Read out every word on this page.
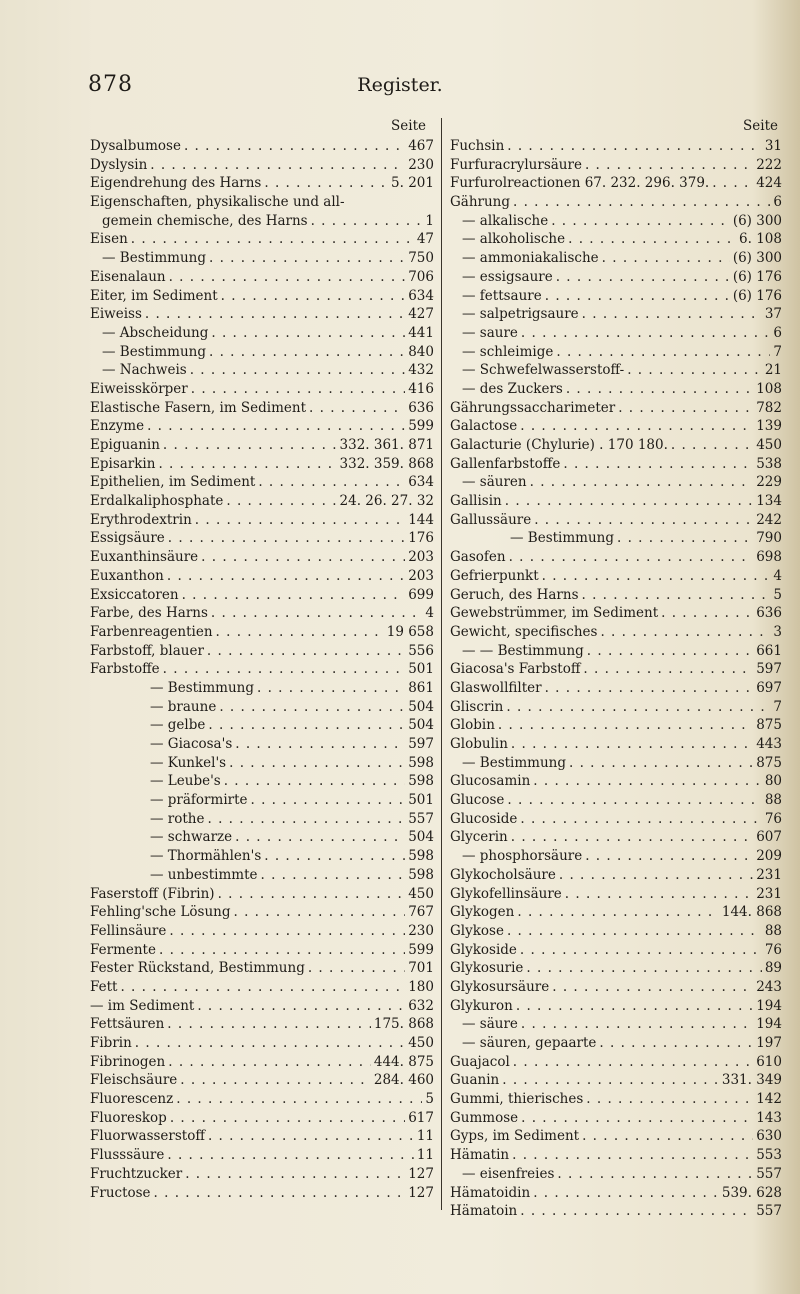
878	Register.
Seite
Dysalbumose . . .	467
Dyslysin . . .	230
Eigendrehung des Harns . . .	5. 201
Eigenschaften, physikalische und all-
gemein chemische, des Harns . . .	1
Eisen . . .	47
— Bestimmung . . .	750
Eisenalaun . . .	706
Eiter, im Sediment . . .	634
Eiweiss . . .	427
— Abscheidung . . .	441
— Bestimmung . . .	840
— Nachweis . . .	432
Eiweisskörper . . .	416
Elastische Fasern, im Sediment . . .	636
Enzyme . . .	599
Epiguanin . . .	332. 361. 871
Episarkin . . .	332. 359. 868
Epithelien, im Sediment . . .	634
Erdalkaliphosphate . . .	24. 26. 27. 32
Erythrodextrin . . .	144
Essigsäure . . .	176
Euxanthinsäure . . .	203
Euxanthon . . .	203
Exsiccatoren . . .	699
Farbe, des Harns . . .	4
Farbenreagentien . . .	19 658
Farbstoff, blauer . . .	556
Farbstoffe . . .	501
— Bestimmung . . .	861
— braune . . .	504
— gelbe . . .	504
— Giacosa's . . .	597
— Kunkel's . . .	598
— Leube's . . .	598
— präformirte . . .	501
— rothe . . .	557
— schwarze . . .	504
— Thormählen's . . .	598
— unbestimmte . . .	598
Faserstoff (Fibrin) . . .	450
Fehling'sche Lösung . . .	767
Fellinsäure . . .	230
Fermente . . .	599
Fester Rückstand, Bestimmung . . .	701
Fett . . .	180
— im Sediment . . .	632
Fettsäuren . . .	175. 868
Fibrin . . .	450
Fibrinogen . . .	444. 875
Fleischsäure . . .	284. 460
Fluorescenz . . .	5
Fluoreskop . . .	617
Fluorwasserstoff . . .	11
Flusssäure . . .	11
Fruchtzucker . . .	127
Fructose . . .	127
Seite
Fuchsin . . .	31
Furfuracrylursäure . . .	222
Furfurolreactionen 67. 232. 296. 379. . . .	424
Gährung . . .	6
— alkalische . . .	(6) 300
— alkoholische . . .	6. 108
— ammoniakalische . . .	(6) 300
— essigsaure . . .	(6) 176
— fettsaure . . .	(6) 176
— salpetrigsaure . . .	37
— saure . . .	6
— schleimige . . .	7
— Schwefelwasserstoff- . . .	21
— des Zuckers . . .	108
Gährungssaccharimeter . . .	782
Galactose . . .	139
Galacturie (Chylurie) . 170 180. . . .	450
Gallenfarbstoffe . . .	538
— säuren . . .	229
Gallisin . . .	134
Gallussäure . . .	242
— Bestimmung . . .	790
Gasofen . . .	698
Gefrierpunkt . . .	4
Geruch, des Harns . . .	5
Gewebstrümmer, im Sediment . . .	636
Gewicht, specifisches . . .	3
— — Bestimmung . . .	661
Giacosa's Farbstoff . . .	597
Glaswollfilter . . .	697
Gliscrin . . .	7
Globin . . .	875
Globulin . . .	443
— Bestimmung . . .	875
Glucosamin . . .	80
Glucose . . .	88
Glucoside . . .	76
Glycerin . . .	607
— phosphorsäure . . .	209
Glykocholsäure . . .	231
Glykofellinsäure . . .	231
Glykogen . . .	144. 868
Glykose . . .	88
Glykoside . . .	76
Glykosurie . . .	89
Glykosursäure . . .	243
Glykuron . . .	194
— säure . . .	194
— säuren, gepaarte . . .	197
Guajacol . . .	610
Guanin . . .	331. 349
Gummi, thierisches . . .	142
Gummose . . .	143
Gyps, im Sediment . . .	630
Hämatin . . .	553
— eisenfreies . . .	557
Hämatoidin . . .	539. 628
Hämatoin . . .	557
